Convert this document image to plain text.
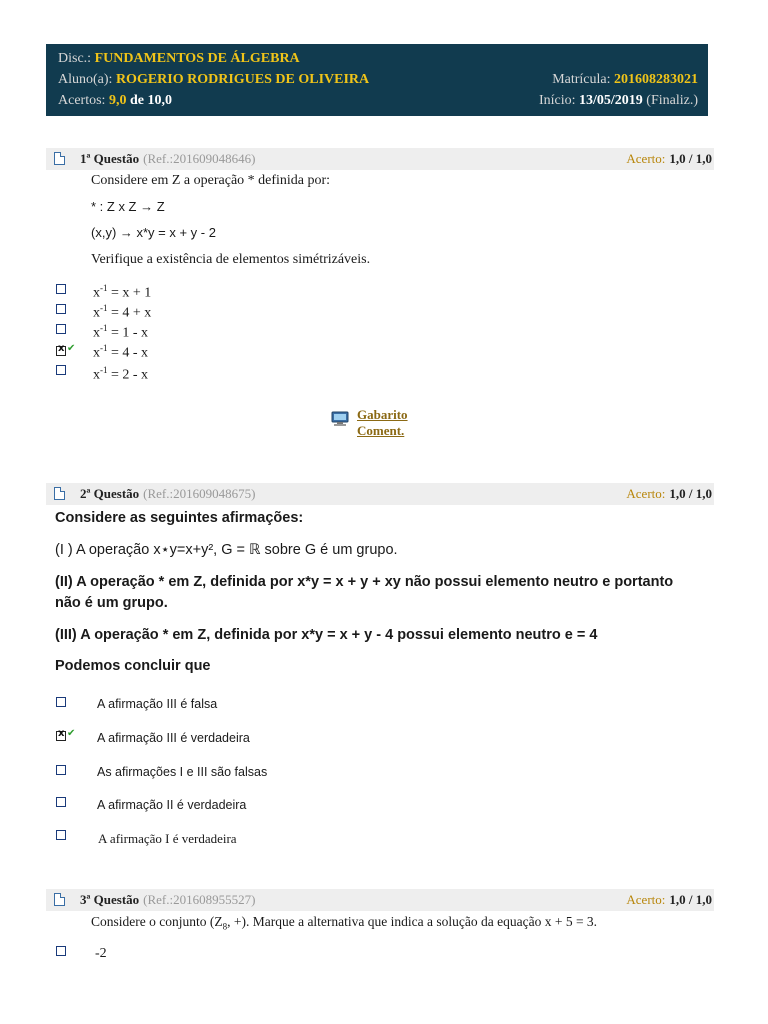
Disc.: FUNDAMENTOS DE ÁLGEBRA
Aluno(a): ROGERIO RODRIGUES DE OLIVEIRA	Matrícula: 201608283021
Acertos: 9,0 de 10,0	Início: 13/05/2019 (Finaliz.)
1ª Questão (Ref.:201609048646)	Acerto: 1,0 / 1,0
Considere em Z a operação * definida por:
* : Z x Z → Z
(x,y) → x*y = x + y - 2
Verifique a existência de elementos simétrizáveis.
$x^{-1} = x + 1$
$x^{-1} = 4 + x$
$x^{-1} = 1 - x$
x
✔ $x^{-1} = 4 - x$
$x^{-1} = 2 - x$
Gabarito
Coment.
2ª Questão (Ref.:201609048675)	Acerto: 1,0 / 1,0
Considere as seguintes afirmações:
(I ) A operação x⋆y=x+y², G = ℝ sobre G é um grupo.
(II) A operação * em Z, definida por x*y = x + y + xy não possui elemento neutro e portanto
não é um grupo.
(III) A operação * em Z, definida por x*y = x + y - 4 possui elemento neutro e = 4
Podemos concluir que
A afirmação III é falsa
x
✔ A afirmação III é verdadeira
As afirmações I e III são falsas
A afirmação II é verdadeira
A afirmação I é verdadeira
3ª Questão (Ref.:201608955527)	Acerto: 1,0 / 1,0
Considere o conjunto ($Z_8$, +). Marque a alternativa que indica a solução da equação x + 5 = 3.
-2
